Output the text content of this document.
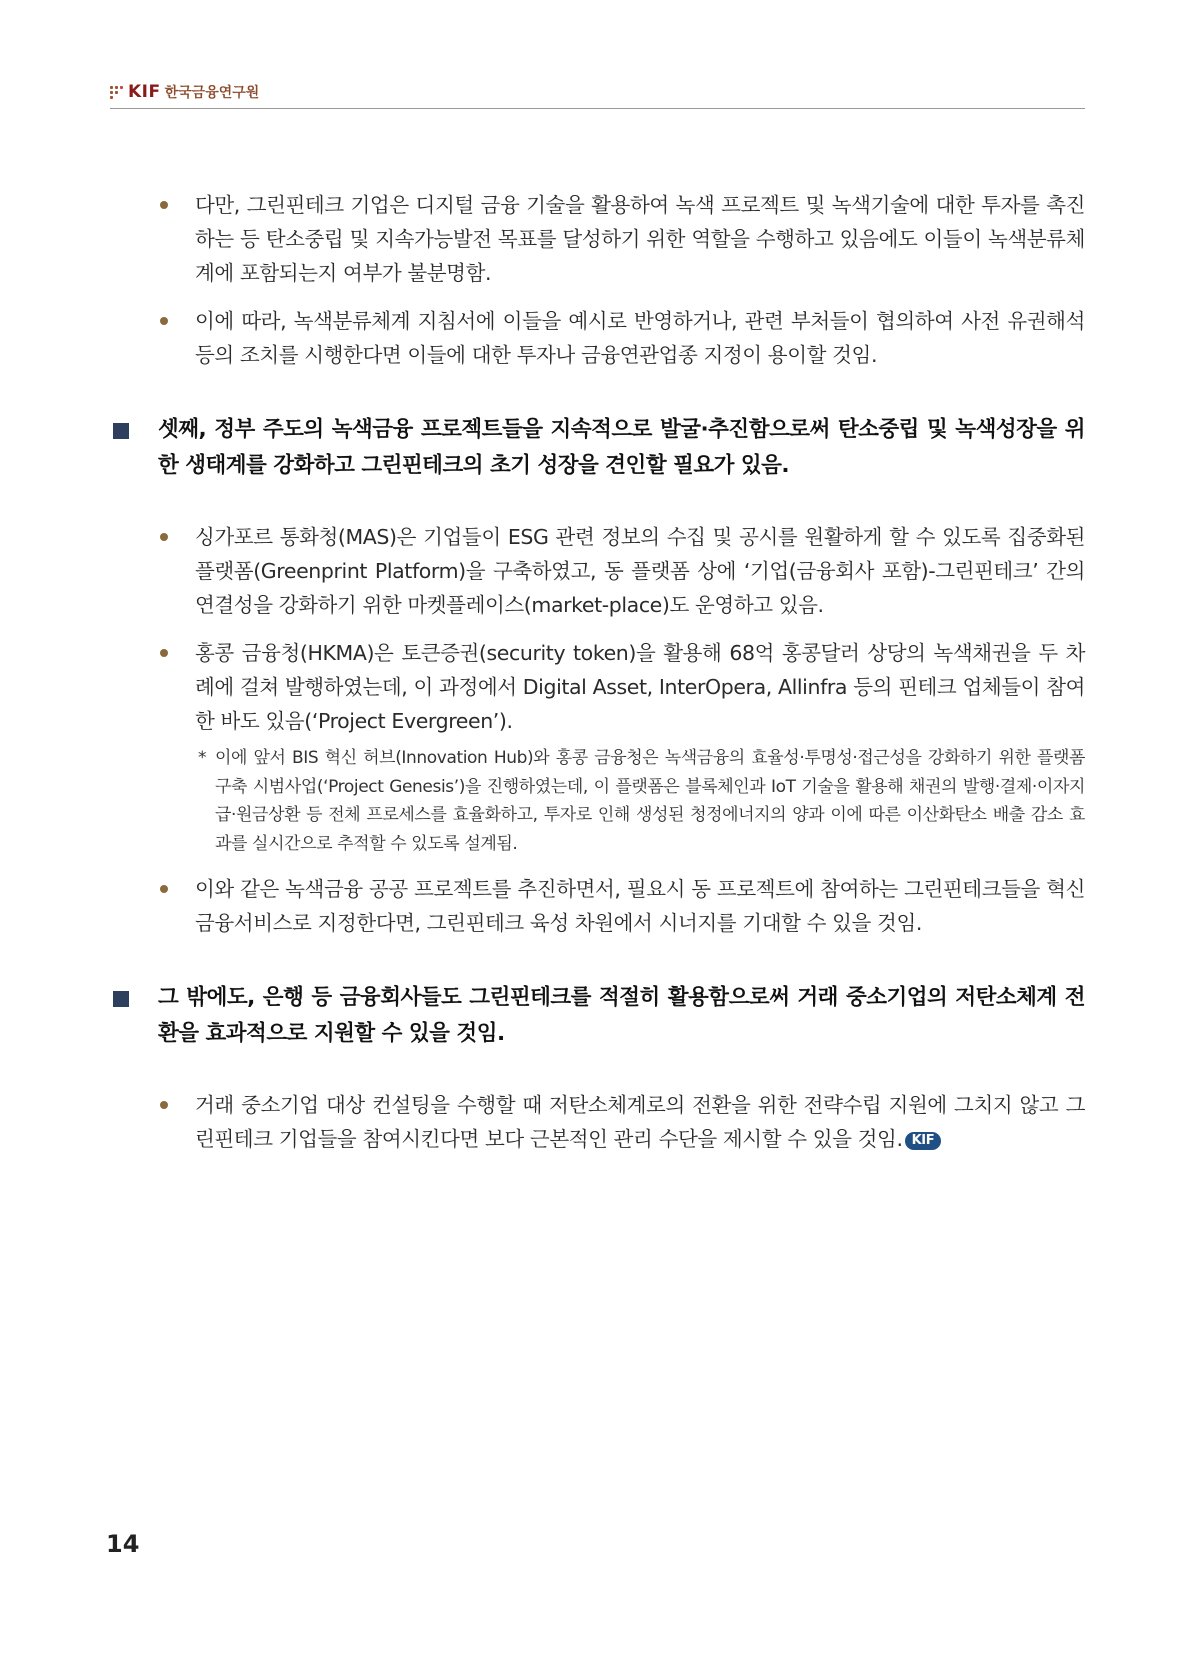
KIF 한국금융연구원
다만, 그린핀테크 기업은 디지털 금융 기술을 활용하여 녹색 프로젝트 및 녹색기술에 대한 투자를 촉진하는 등 탄소중립 및 지속가능발전 목표를 달성하기 위한 역할을 수행하고 있음에도 이들이 녹색분류체계에 포함되는지 여부가 불분명함.
이에 따라, 녹색분류체계 지침서에 이들을 예시로 반영하거나, 관련 부처들이 협의하여 사전 유권해석 등의 조치를 시행한다면 이들에 대한 투자나 금융연관업종 지정이 용이할 것임.
셋째, 정부 주도의 녹색금융 프로젝트들을 지속적으로 발굴·추진함으로써 탄소중립 및 녹색성장을 위한 생태계를 강화하고 그린핀테크의 초기 성장을 견인할 필요가 있음.
싱가포르 통화청(MAS)은 기업들이 ESG 관련 정보의 수집 및 공시를 원활하게 할 수 있도록 집중화된 플랫폼(Greenprint Platform)을 구축하였고, 동 플랫폼 상에 ‘기업(금융회사 포함)-그린핀테크’ 간의 연결성을 강화하기 위한 마켓플레이스(market-place)도 운영하고 있음.
홍콩 금융청(HKMA)은 토큰증권(security token)을 활용해 68억 홍콩달러 상당의 녹색채권을 두 차례에 걸쳐 발행하였는데, 이 과정에서 Digital Asset, InterOpera, Allinfra 등의 핀테크 업체들이 참여한 바도 있음(‘Project Evergreen’).
* 이에 앞서 BIS 혁신 허브(Innovation Hub)와 홍콩 금융청은 녹색금융의 효율성·투명성·접근성을 강화하기 위한 플랫폼 구축 시범사업(‘Project Genesis’)을 진행하였는데, 이 플랫폼은 블록체인과 IoT 기술을 활용해 채권의 발행·결제·이자지급·원금상환 등 전체 프로세스를 효율화하고, 투자로 인해 생성된 청정에너지의 양과 이에 따른 이산화탄소 배출 감소 효과를 실시간으로 추적할 수 있도록 설계됨.
이와 같은 녹색금융 공공 프로젝트를 추진하면서, 필요시 동 프로젝트에 참여하는 그린핀테크들을 혁신금융서비스로 지정한다면, 그린핀테크 육성 차원에서 시너지를 기대할 수 있을 것임.
그 밖에도, 은행 등 금융회사들도 그린핀테크를 적절히 활용함으로써 거래 중소기업의 저탄소체계 전환을 효과적으로 지원할 수 있을 것임.
거래 중소기업 대상 컨설팅을 수행할 때 저탄소체계로의 전환을 위한 전략수립 지원에 그치지 않고 그린핀테크 기업들을 참여시킨다면 보다 근본적인 관리 수단을 제시할 수 있을 것임. KIF
14
